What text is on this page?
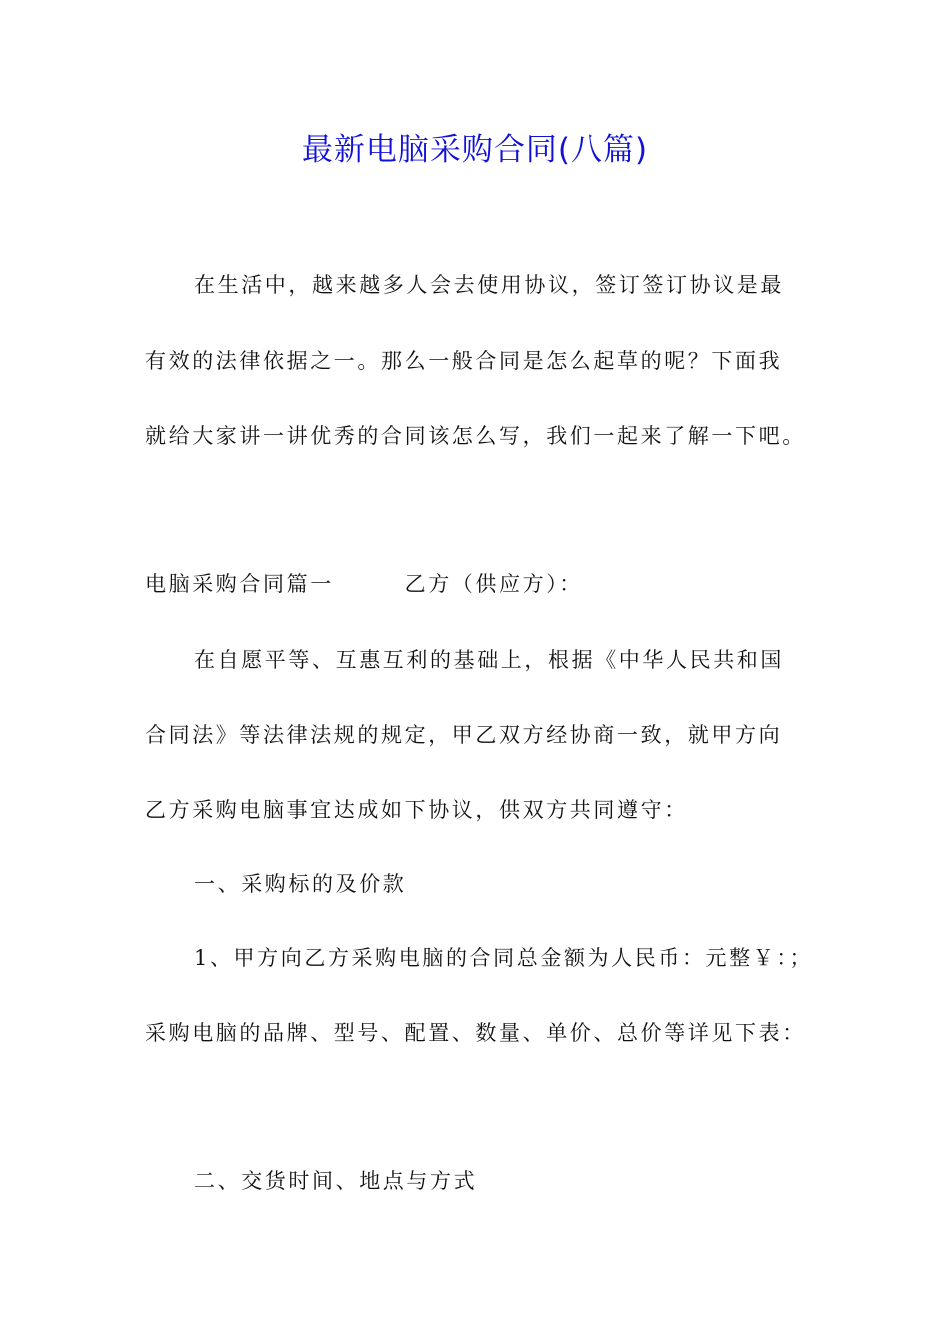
最新电脑采购合同(八篇)
在生活中，越来越多人会去使用协议，签订签订协议是最
有效的法律依据之一。那么一般合同是怎么起草的呢？下面我
就给大家讲一讲优秀的合同该怎么写，我们一起来了解一下吧。
电脑采购合同篇一　　　乙方（供应方）：
在自愿平等、互惠互利的基础上，根据《中华人民共和国
合同法》等法律法规的规定，甲乙双方经协商一致，就甲方向
乙方采购电脑事宜达成如下协议，供双方共同遵守：
一、采购标的及价款
1、甲方向乙方采购电脑的合同总金额为人民币：元整￥：；
采购电脑的品牌、型号、配置、数量、单价、总价等详见下表：
二、交货时间、地点与方式
